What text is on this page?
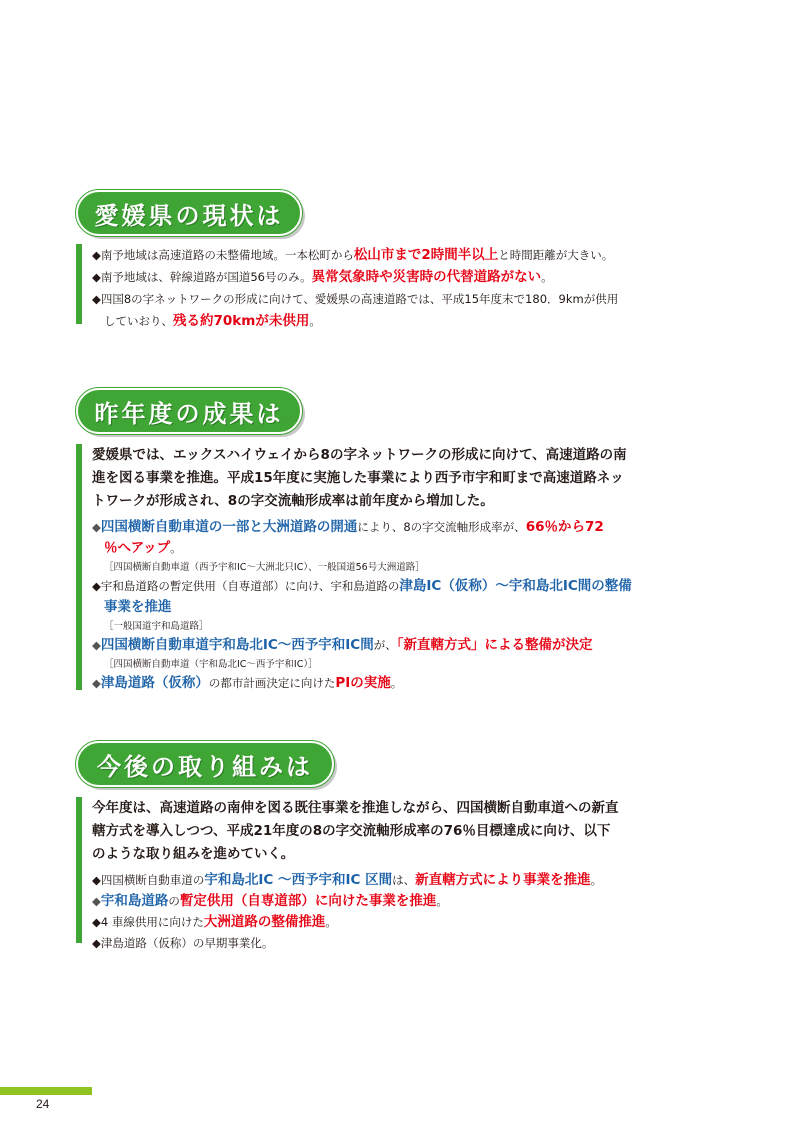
愛媛県の現状は
◆南予地域は高速道路の未整備地域。一本松町から松山市まで2時間半以上と時間距離が大きい。
◆南予地域は、幹線道路が国道56号のみ。異常気象時や災害時の代替道路がない。
◆四国8の字ネットワークの形成に向けて、愛媛県の高速道路では、平成15年度末で180．9kmが供用
していおり、残る約70kmが未供用。
昨年度の成果は
愛媛県では、エックスハイウェイから8の字ネットワークの形成に向けて、高速道路の南
進を図る事業を推進。平成15年度に実施した事業により西予市宇和町まで高速道路ネッ
トワークが形成され、8の字交流軸形成率は前年度から増加した。
◆四国横断自動車道の一部と大洲道路の開通により、8の字交流軸形成率が、66％から72
％へアップ。
［四国横断自動車道（西予宇和IC〜大洲北只IC）、一般国道56号大洲道路］
◆宇和島道路の暫定供用（自専道部）に向け、宇和島道路の津島IC（仮称）〜宇和島北IC間の整備
事業を推進
［一般国道宇和島道路］
◆四国横断自動車道宇和島北IC〜西予宇和IC間が、「新直轄方式」による整備が決定
［四国横断自動車道（宇和島北IC〜西予宇和IC）］
◆津島道路（仮称）の都市計画決定に向けたPIの実施。
今後の取り組みは
今年度は、高速道路の南伸を図る既往事業を推進しながら、四国横断自動車道への新直
轄方式を導入しつつ、平成21年度の8の字交流軸形成率の76％目標達成に向け、以下
のような取り組みを進めていく。
◆四国横断自動車道の宇和島北IC 〜西予宇和IC 区間は、新直轄方式により事業を推進。
◆宇和島道路の暫定供用（自専道部）に向けた事業を推進。
◆4 車線供用に向けた大洲道路の整備推進。
◆津島道路（仮称）の早期事業化。
24
